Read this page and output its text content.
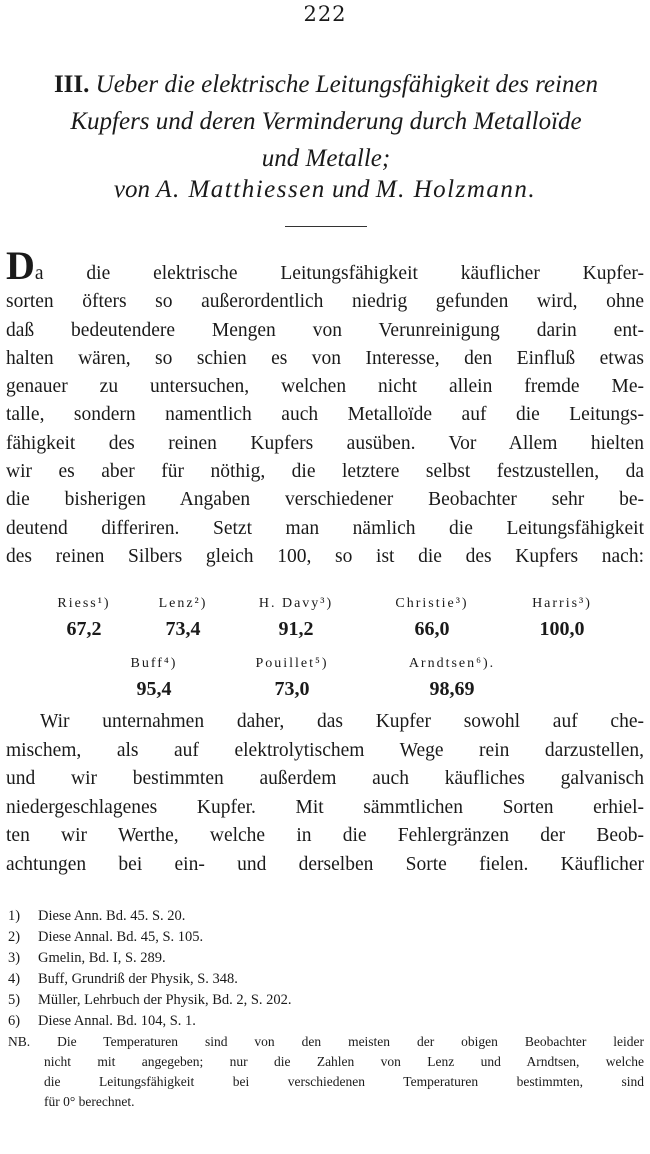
222
III. Ueber die elektrische Leitungsfähigkeit des reinen
Kupfers und deren Verminderung durch Metalloïde
und Metalle;
von A. Matthiessen und M. Holzmann.
Da die elektrische Leitungsfähigkeit käuflicher Kupfer-
sorten öfters so außerordentlich niedrig gefunden wird, ohne
daß bedeutendere Mengen von Verunreinigung darin ent-
halten wären, so schien es von Interesse, den Einfluß etwas
genauer zu untersuchen, welchen nicht allein fremde Me-
talle, sondern namentlich auch Metalloïde auf die Leitungs-
fähigkeit des reinen Kupfers ausüben. Vor Allem hielten
wir es aber für nöthig, die letztere selbst festzustellen, da
die bisherigen Angaben verschiedener Beobachter sehr be-
deutend differiren. Setzt man nämlich die Leitungsfähigkeit
des reinen Silbers gleich 100, so ist die des Kupfers nach:
Riess¹)
67,2
Lenz²)
73,4
H. Davy³)
91,2
Christie³)
66,0
Harris³)
100,0
Buff⁴)
95,4
Pouillet⁵)
73,0
Arndtsen⁶).
98,69
Wir unternahmen daher, das Kupfer sowohl auf che-
mischem, als auf elektrolytischem Wege rein darzustellen,
und wir bestimmten außerdem auch käufliches galvanisch
niedergeschlagenes Kupfer. Mit sämmtlichen Sorten erhiel-
ten wir Werthe, welche in die Fehlergränzen der Beob-
achtungen bei ein- und derselben Sorte fielen. Käuflicher
1) Diese Ann. Bd. 45. S. 20.
2) Diese Annal. Bd. 45, S. 105.
3) Gmelin, Bd. I, S. 289.
4) Buff, Grundriß der Physik, S. 348.
5) Müller, Lehrbuch der Physik, Bd. 2, S. 202.
6) Diese Annal. Bd. 104, S. 1.
NB. Die Temperaturen sind von den meisten der obigen Beobachter leider
nicht mit angegeben; nur die Zahlen von Lenz und Arndtsen, welche
die Leitungsfähigkeit bei verschiedenen Temperaturen bestimmten, sind
für 0° berechnet.
